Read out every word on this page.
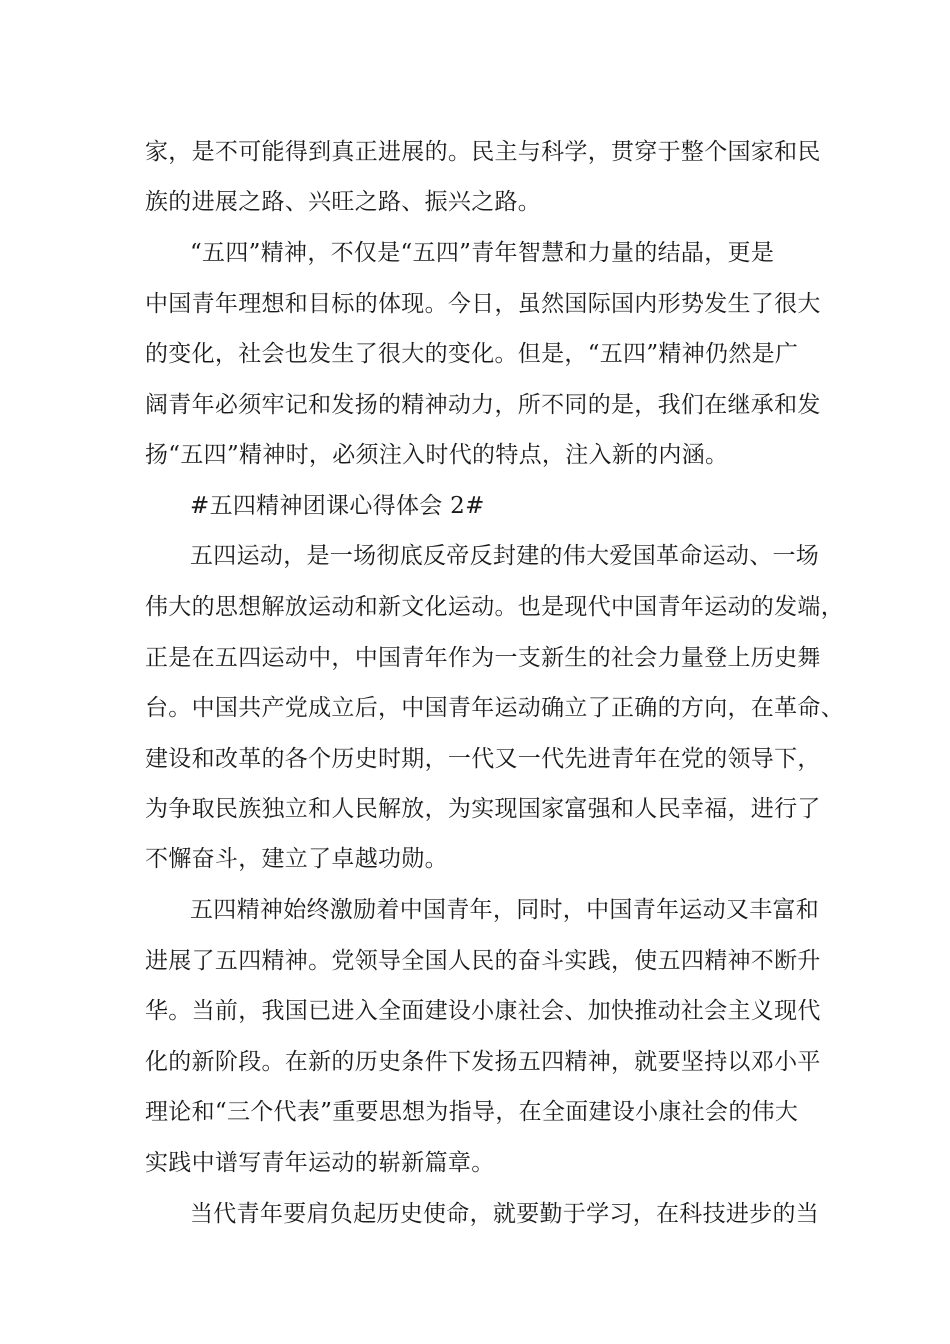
家，是不可能得到真正进展的。民主与科学，贯穿于整个国家和民

族的进展之路、兴旺之路、振兴之路。

“五四”精神，不仅是“五四”青年智慧和力量的结晶，更是

中国青年理想和目标的体现。今日，虽然国际国内形势发生了很大

的变化，社会也发生了很大的变化。但是，“五四”精神仍然是广

阔青年必须牢记和发扬的精神动力，所不同的是，我们在继承和发

扬“五四”精神时，必须注入时代的特点，注入新的内涵。

#五四精神团课心得体会 2#

五四运动，是一场彻底反帝反封建的伟大爱国革命运动、一场

伟大的思想解放运动和新文化运动。也是现代中国青年运动的发端，

正是在五四运动中，中国青年作为一支新生的社会力量登上历史舞

台。中国共产党成立后，中国青年运动确立了正确的方向，在革命、

建设和改革的各个历史时期，一代又一代先进青年在党的领导下，

为争取民族独立和人民解放，为实现国家富强和人民幸福，进行了

不懈奋斗，建立了卓越功勋。

五四精神始终激励着中国青年，同时，中国青年运动又丰富和

进展了五四精神。党领导全国人民的奋斗实践，使五四精神不断升

华。当前，我国已进入全面建设小康社会、加快推动社会主义现代

化的新阶段。在新的历史条件下发扬五四精神，就要坚持以邓小平

理论和“三个代表”重要思想为指导，在全面建设小康社会的伟大

实践中谱写青年运动的崭新篇章。

当代青年要肩负起历史使命，就要勤于学习，在科技进步的当
